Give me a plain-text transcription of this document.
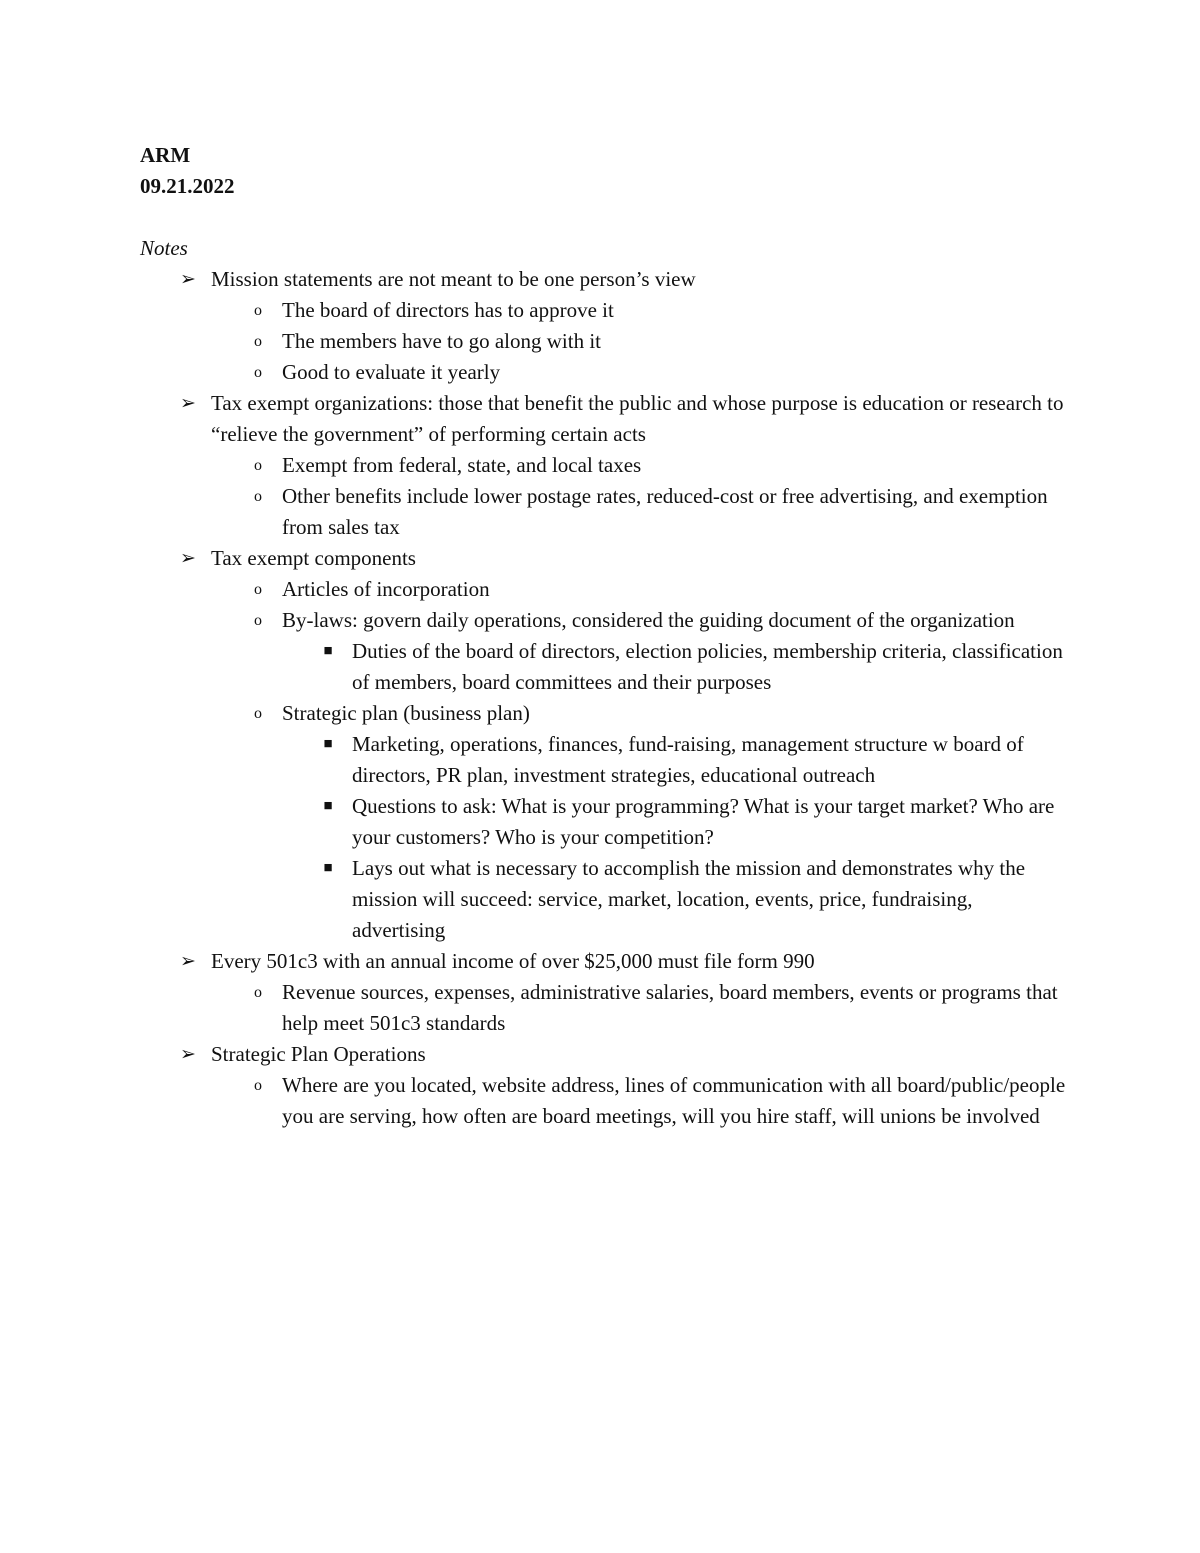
ARM
09.21.2022
Notes
➢ Mission statements are not meant to be one person’s view
o The board of directors has to approve it
o The members have to go along with it
o Good to evaluate it yearly
➢ Tax exempt organizations: those that benefit the public and whose purpose is education or research to “relieve the government” of performing certain acts
o Exempt from federal, state, and local taxes
o Other benefits include lower postage rates, reduced-cost or free advertising, and exemption from sales tax
➢ Tax exempt components
o Articles of incorporation
o By-laws: govern daily operations, considered the guiding document of the organization
■ Duties of the board of directors, election policies, membership criteria, classification of members, board committees and their purposes
o Strategic plan (business plan)
■ Marketing, operations, finances, fund-raising, management structure w board of directors, PR plan, investment strategies, educational outreach
■ Questions to ask: What is your programming? What is your target market? Who are your customers? Who is your competition?
■ Lays out what is necessary to accomplish the mission and demonstrates why the mission will succeed: service, market, location, events, price, fundraising, advertising
➢ Every 501c3 with an annual income of over $25,000 must file form 990
o Revenue sources, expenses, administrative salaries, board members, events or programs that help meet 501c3 standards
➢ Strategic Plan Operations
o Where are you located, website address, lines of communication with all board/public/people you are serving, how often are board meetings, will you hire staff, will unions be involved
